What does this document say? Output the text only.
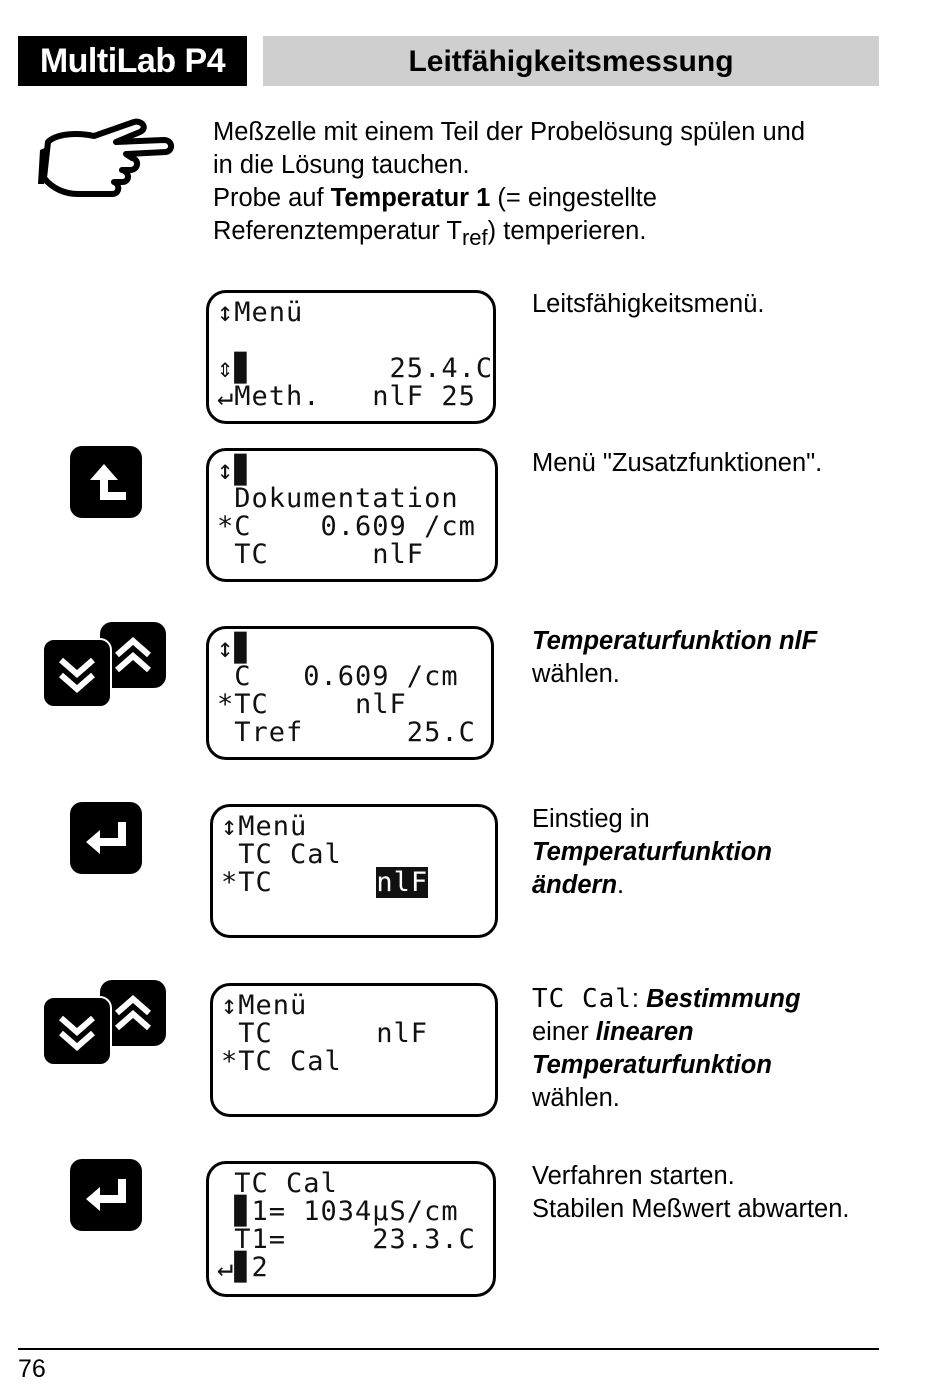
MultiLab P4	Leitfähigkeitsmessung
Meßzelle mit einem Teil der Probelösung spülen und
in die Lösung tauchen.
Probe auf Temperatur 1 (= eingestellte
Referenztemperatur $T_{ref}$) temperieren.
↕Menü
⇕▊        25.4.C
↵Meth.   nlF 25
Leitsfähigkeitsmenü.
↕▊
Dokumentation
*C    0.609 /cm
TC      nlF
Menü "Zusatzfunktionen".
↕▊
C   0.609 /cm
*TC     nlF
Tref      25.C
Temperaturfunktion nlF
wählen.
↕Menü
TC Cal
*TC      nlF
Einstieg in
Temperaturfunktion
ändern.
↕Menü
TC      nlF
*TC Cal
TC Cal: Bestimmung
einer linearen
Temperaturfunktion
wählen.
TC Cal
▊1= 1034µS/cm
T1=     23.3.C
↵▊2
Verfahren starten.
Stabilen Meßwert abwarten.
76
